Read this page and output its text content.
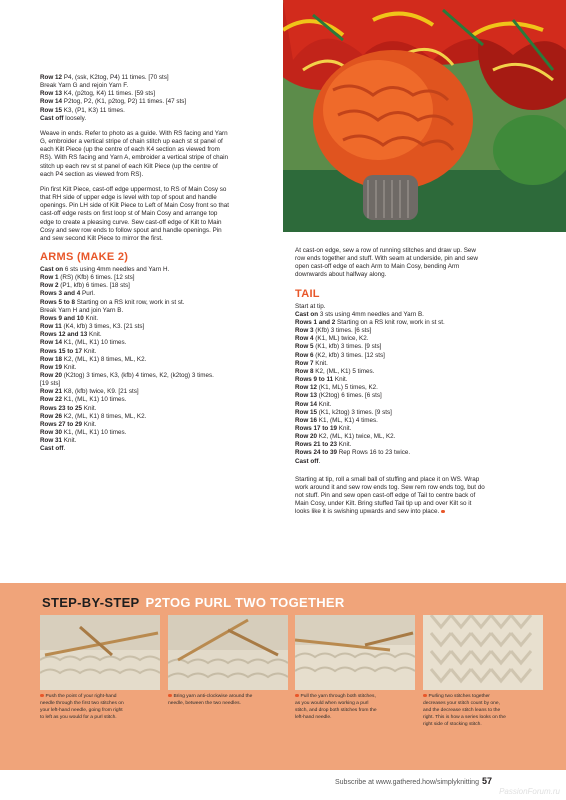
Row 12 P4, (ssk, K2tog, P4) 11 times. [70 sts]
Break Yarn G and rejoin Yarn F.
Row 13 K4, (p2tog, K4) 11 times. [59 sts]
Row 14 P2tog, P2, (K1, p2tog, P2) 11 times. [47 sts]
Row 15 K3, (P1, K3) 11 times.
Cast off loosely.
Weave in ends. Refer to photo as a guide. With RS facing and Yarn
G, embroider a vertical stripe of chain stitch up each st st panel of
each Kilt Piece (up the centre of each K4 section as viewed from
RS). With RS facing and Yarn A, embroider a vertical stripe of chain
stitch up each rev st st panel of each Kilt Piece (up the centre of
each P4 section as viewed from RS).
Pin first Kilt Piece, cast-off edge uppermost, to RS of Main Cosy so
that RH side of upper edge is level with top of spout and handle
openings. Pin LH side of Kilt Piece to Left of Main Cosy front so that
cast-off edge rests on first loop st of Main Cosy and arrange top
edge to create a pleasing curve. Sew cast-off edge of Kilt to Main
Cosy and sew row ends to follow spout and handle openings. Pin
and sew second Kilt Piece to mirror the first.
ARMS (MAKE 2)
Cast on 6 sts using 4mm needles and Yarn H.
Row 1 (RS) (Kfb) 6 times. [12 sts]
Row 2 (P1, kfb) 6 times. [18 sts]
Rows 3 and 4 Purl.
Rows 5 to 8 Starting on a RS knit row, work in st st.
Break Yarn H and join Yarn B.
Rows 9 and 10 Knit.
Row 11 (K4, kfb) 3 times, K3. [21 sts]
Rows 12 and 13 Knit.
Row 14 K1, (ML, K1) 10 times.
Rows 15 to 17 Knit.
Row 18 K2, (ML, K1) 8 times, ML, K2.
Row 19 Knit.
Row 20 (K2tog) 3 times, K3, (kfb) 4 times, K2, (k2tog) 3 times.
[19 sts]
Row 21 K8, (kfb) twice, K9. [21 sts]
Row 22 K1, (ML, K1) 10 times.
Rows 23 to 25 Knit.
Row 26 K2, (ML, K1) 8 times, ML, K2.
Rows 27 to 29 Knit.
Row 30 K1, (ML, K1) 10 times.
Row 31 Knit.
Cast off.
At cast-on edge, sew a row of running stitches and draw up. Sew
row ends together and stuff. With seam at underside, pin and sew
open cast-off edge of each Arm to Main Cosy, bending Arm
downwards about halfway along.
TAIL
Start at tip.
Cast on 3 sts using 4mm needles and Yarn B.
Rows 1 and 2 Starting on a RS knit row, work in st st.
Row 3 (Kfb) 3 times. [6 sts]
Row 4 (K1, ML) twice, K2.
Row 5 (K1, kfb) 3 times. [9 sts]
Row 6 (K2, kfb) 3 times. [12 sts]
Row 7 Knit.
Row 8 K2, (ML, K1) 5 times.
Rows 9 to 11 Knit.
Row 12 (K1, ML) 5 times, K2.
Row 13 (K2tog) 6 times. [6 sts]
Row 14 Knit.
Row 15 (K1, k2tog) 3 times. [9 sts]
Row 16 K1, (ML, K1) 4 times.
Rows 17 to 19 Knit.
Row 20 K2, (ML, K1) twice, ML, K2.
Rows 21 to 23 Knit.
Rows 24 to 39 Rep Rows 16 to 23 twice.
Cast off.
Starting at tip, roll a small ball of stuffing and place it on WS. Wrap
work around it and sew row ends tog. Sew rem row ends tog, but do
not stuff. Pin and sew open cast-off edge of Tail to centre back of
Main Cosy, under Kilt. Bring stuffed Tail tip up and over Kilt so it
looks like it is swishing upwards and sew into place.
STEP-BY-STEP P2TOG PURL TWO TOGETHER
Push the point of your right-hand
needle through the first two stitches on
your left-hand needle, going from right
to left as you would for a purl stitch.
Bring yarn anti-clockwise around the
needle, between the two needles.
Pull the yarn through both stitches,
as you would when working a purl
stitch, and drop both stitches from the
left-hand needle.
Purling two stitches together
decreases your stitch count by one,
and the decrease stitch leans to the
right. This is how a series looks on the
right side of stocking stitch.
Subscribe at www.gathered.how/simplyknitting 57
PassionForum.ru
